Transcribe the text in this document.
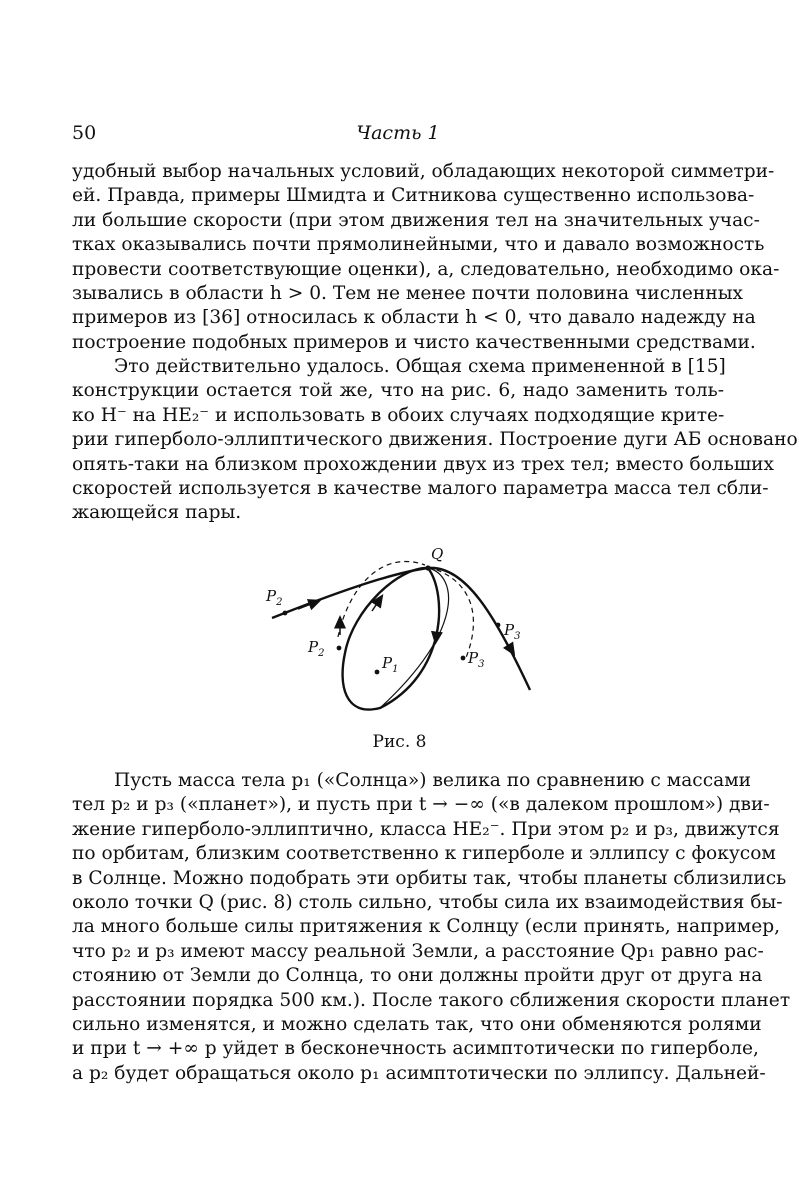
50	Часть 1
удобный выбор начальных условий, обладающих некоторой симметри-
ей. Правда, примеры Шмидта и Ситникова существенно использова-
ли большие скорости (при этом движения тел на значительных учас-
тках оказывались почти прямолинейными, что и давало возможность
провести соответствующие оценки), а, следовательно, необходимо ока-
зывались в области h > 0. Тем не менее почти половина численных
примеров из [36] относилась к области h < 0, что давало надежду на
построение подобных примеров и чисто качественными средствами.
Это действительно удалось. Общая схема примененной в [15]
конструкции остается той же, что на рис. 6, надо заменить толь-
ко H⁻ на HE₂⁻ и использовать в обоих случаях подходящие крите-
рии гиперболо-эллиптического движения. Построение дуги АБ основано
опять-таки на близком прохождении двух из трех тел; вместо больших
скоростей используется в качестве малого параметра масса тел сбли-
жающейся пары.
Q
$P_2$
$P_2$
$P_1$
$P_3$
$P_3$
Рис. 8
Пусть масса тела p₁ («Солнца») велика по сравнению с массами
тел p₂ и p₃ («планет»), и пусть при t → −∞ («в далеком прошлом») дви-
жение гиперболо-эллиптично, класса HE₂⁻. При этом p₂ и p₃, движутся
по орбитам, близким соответственно к гиперболе и эллипсу с фокусом
в Солнце. Можно подобрать эти орбиты так, чтобы планеты сблизились
около точки Q (рис. 8) столь сильно, чтобы сила их взаимодействия бы-
ла много больше силы притяжения к Солнцу (если принять, например,
что p₂ и p₃ имеют массу реальной Земли, а расстояние Qp₁ равно рас-
стоянию от Земли до Солнца, то они должны пройти друг от друга на
расстоянии порядка 500 км.). После такого сближения скорости планет
сильно изменятся, и можно сделать так, что они обменяются ролями
и при t → +∞ p уйдет в бесконечность асимптотически по гиперболе,
а p₂ будет обращаться около p₁ асимптотически по эллипсу. Дальней-
